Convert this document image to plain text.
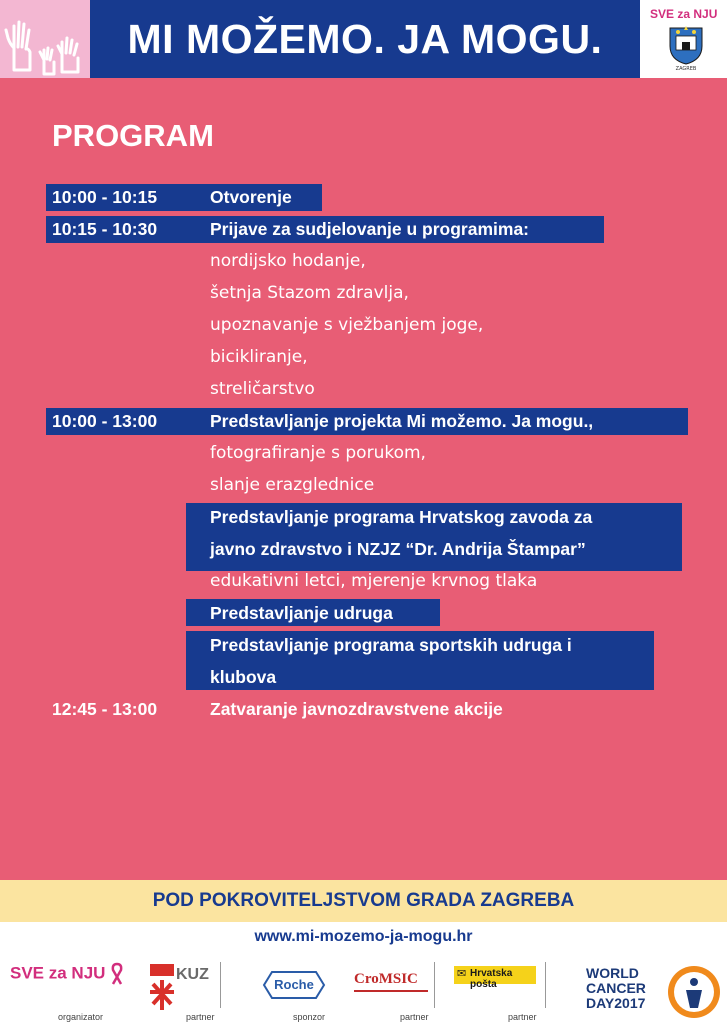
MI MOŽEMO. JA MOGU.
SVE za NJU
ZAGREB
PROGRAM
10:00 - 10:15	Otvorenje
10:15 - 10:30	Prijave za sudjelovanje u programima:
nordijsko hodanje,
šetnja Stazom zdravlja,
upoznavanje s vježbanjem joge,
bicikliranje,
streličarstvo
10:00 - 13:00	Predstavljanje projekta Mi možemo. Ja mogu.,
fotografiranje s porukom,
slanje erazglednice
Predstavljanje programa Hrvatskog zavoda za
javno zdravstvo i NZJZ “Dr. Andrija Štampar”
edukativni letci, mjerenje krvnog tlaka
Predstavljanje udruga
Predstavljanje programa sportskih udruga i
klubova
12:45 - 13:00	Zatvaranje javnozdravstvene akcije
POD POKROVITELJSTVOM GRADA ZAGREBA
www.mi-mozemo-ja-mogu.hr
SVE za NJU
organizator
KUZ
partner
Roche
sponzor
CroMSIC
partner
✉ Hrvatska pošta
partner
WORLD
CANCER
DAY2017
